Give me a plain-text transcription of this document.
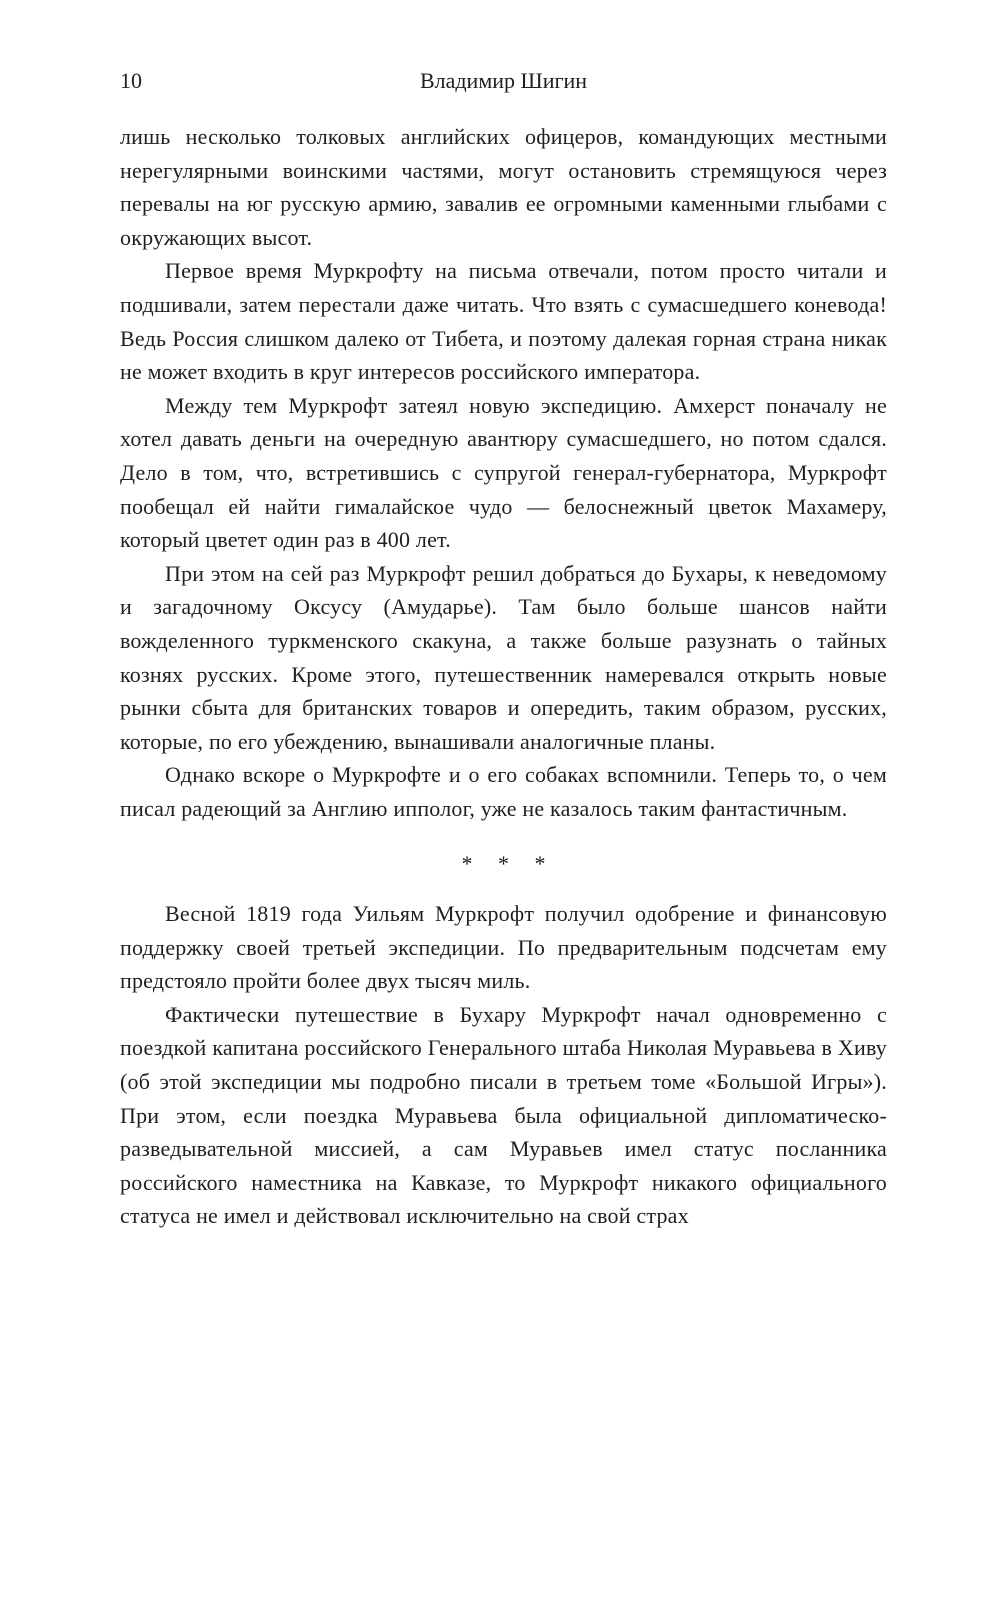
10	Владимир Шигин

лишь несколько толковых английских офицеров, командующих местными нерегулярными воинскими частями, могут остановить стремящуюся через перевалы на юг русскую армию, завалив ее огромными каменными глыбами с окружающих высот.

Первое время Муркрофту на письма отвечали, потом просто читали и подшивали, затем перестали даже читать. Что взять с сумасшедшего коневода! Ведь Россия слишком далеко от Тибета, и поэтому далекая горная страна никак не может входить в круг интересов российского императора.

Между тем Муркрофт затеял новую экспедицию. Амхерст поначалу не хотел давать деньги на очередную авантюру сумасшедшего, но потом сдался. Дело в том, что, встретившись с супругой генерал-губернатора, Муркрофт пообещал ей найти гималайское чудо — белоснежный цветок Махамеру, который цветет один раз в 400 лет.

При этом на сей раз Муркрофт решил добраться до Бухары, к неведомому и загадочному Оксусу (Амударье). Там было больше шансов найти вожделенного туркменского скакуна, а также больше разузнать о тайных кознях русских. Кроме этого, путешественник намеревался открыть новые рынки сбыта для британских товаров и опередить, таким образом, русских, которые, по его убеждению, вынашивали аналогичные планы.

Однако вскоре о Муркрофте и о его собаках вспомнили. Теперь то, о чем писал радеющий за Англию ипполог, уже не казалось таким фантастичным.

* * *

Весной 1819 года Уильям Муркрофт получил одобрение и финансовую поддержку своей третьей экспедиции. По предварительным подсчетам ему предстояло пройти более двух тысяч миль.

Фактически путешествие в Бухару Муркрофт начал одновременно с поездкой капитана российского Генерального штаба Николая Муравьева в Хиву (об этой экспедиции мы подробно писали в третьем томе «Большой Игры»). При этом, если поездка Муравьева была официальной дипломатическо-разведывательной миссией, а сам Муравьев имел статус посланника российского наместника на Кавказе, то Муркрофт никакого официального статуса не имел и действовал исключительно на свой страх
